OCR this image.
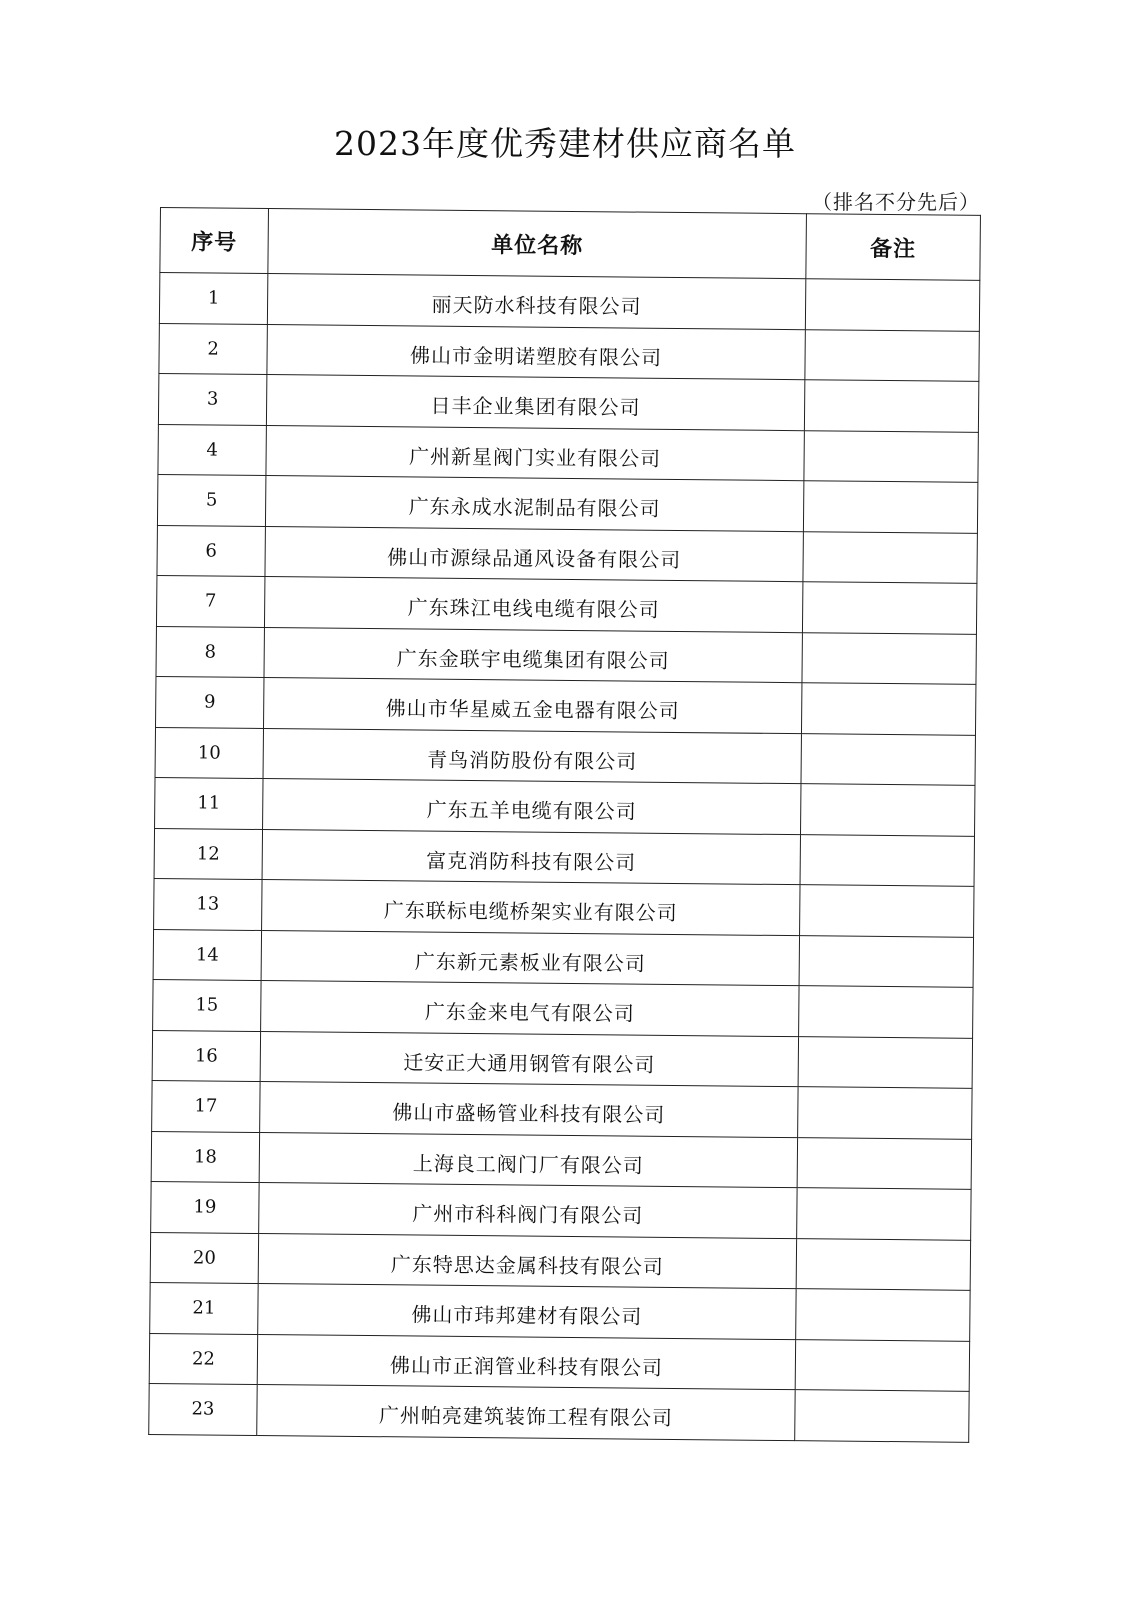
2023年度优秀建材供应商名单
（排名不分先后）
序号	单位名称	备注
1	丽天防水科技有限公司	
2	佛山市金明诺塑胶有限公司	
3	日丰企业集团有限公司	
4	广州新星阀门实业有限公司	
5	广东永成水泥制品有限公司	
6	佛山市源绿品通风设备有限公司	
7	广东珠江电线电缆有限公司	
8	广东金联宇电缆集团有限公司	
9	佛山市华星威五金电器有限公司	
10	青鸟消防股份有限公司	
11	广东五羊电缆有限公司	
12	富克消防科技有限公司	
13	广东联标电缆桥架实业有限公司	
14	广东新元素板业有限公司	
15	广东金来电气有限公司	
16	迁安正大通用钢管有限公司	
17	佛山市盛畅管业科技有限公司	
18	上海良工阀门厂有限公司	
19	广州市科科阀门有限公司	
20	广东特思达金属科技有限公司	
21	佛山市玮邦建材有限公司	
22	佛山市正润管业科技有限公司	
23	广州帕亮建筑装饰工程有限公司	
